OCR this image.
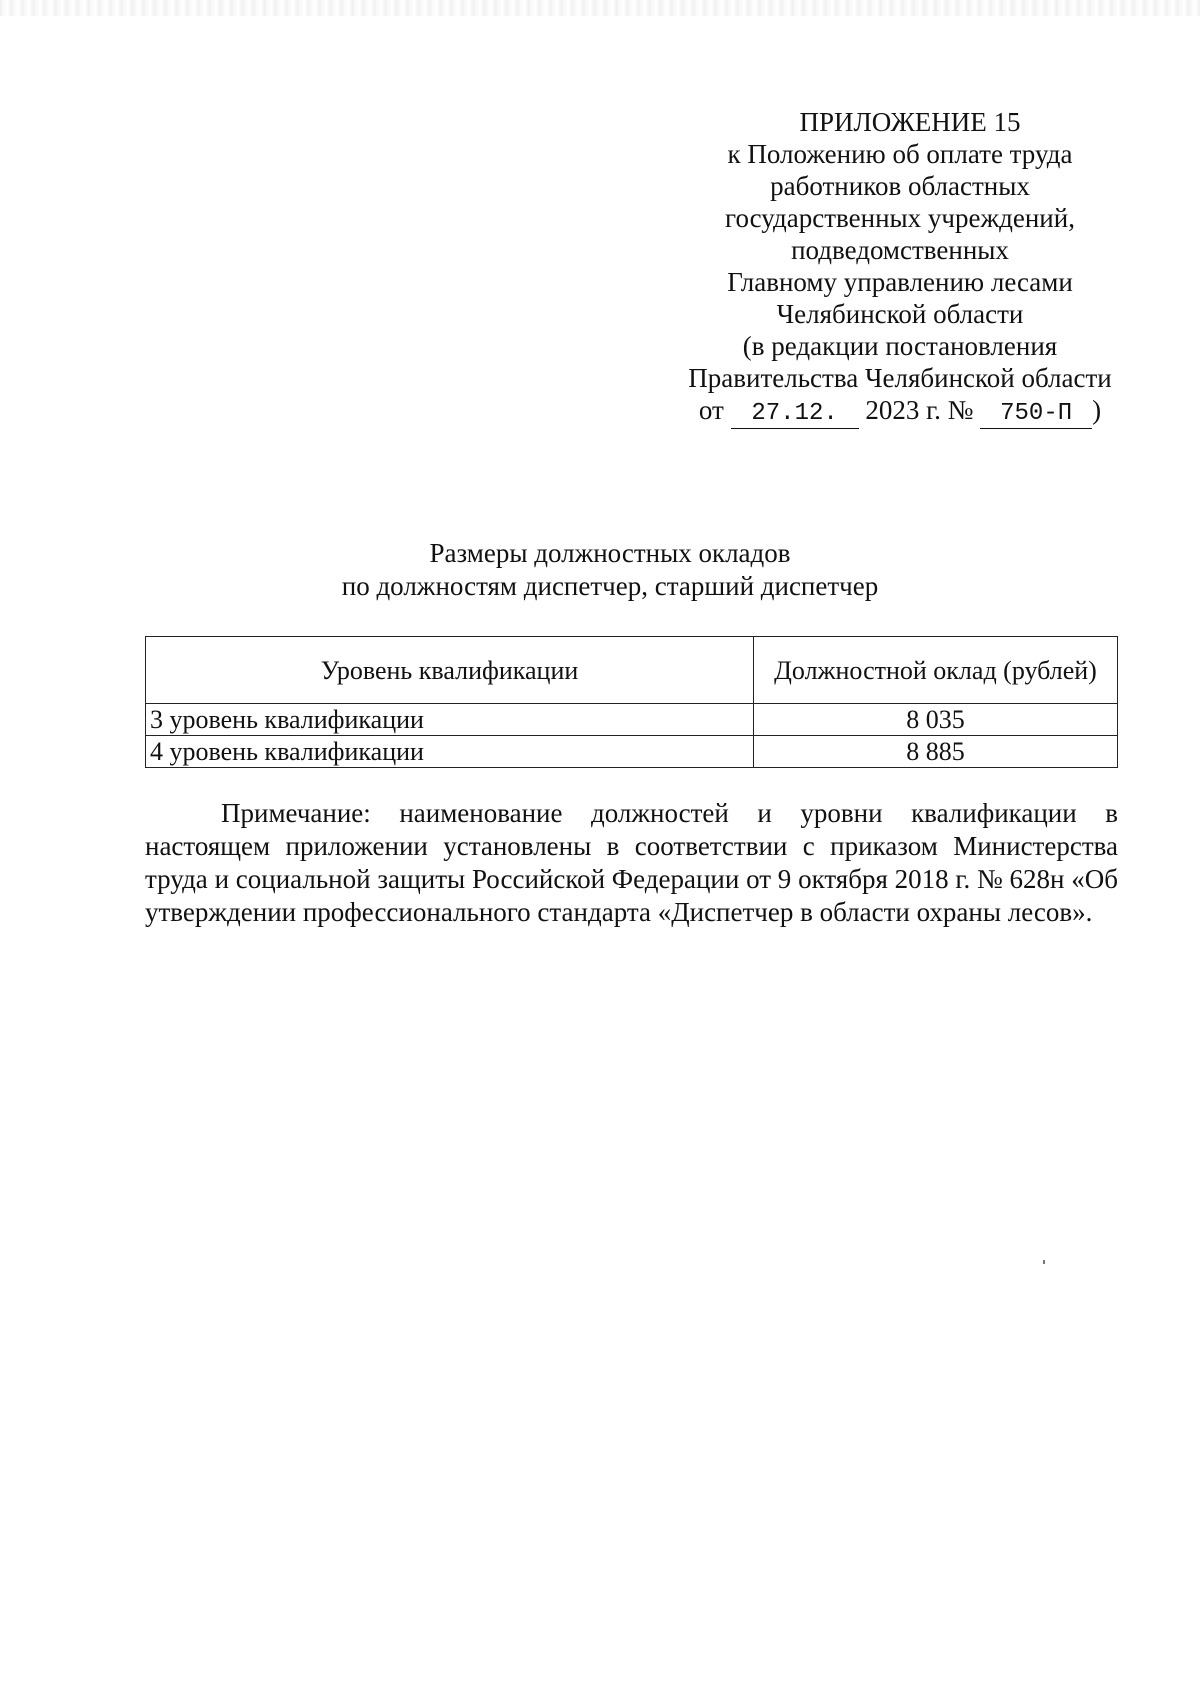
ПРИЛОЖЕНИЕ 15
к Положению об оплате труда
работников областных
государственных учреждений,
подведомственных
Главному управлению лесами
Челябинской области
(в редакции постановления
Правительства Челябинской области
от 27.12. 2023 г. № 750-П )
Размеры должностных окладов
по должностям диспетчер, старший диспетчер
Уровень квалификации	Должностной оклад (рублей)
3 уровень квалификации	8 035
4 уровень квалификации	8 885
Примечание: наименование должностей и уровни квалификации в настоящем приложении установлены в соответствии с приказом Министерства труда и социальной защиты Российской Федерации от 9 октября 2018 г. № 628н «Об утверждении профессионального стандарта «Диспетчер в области охраны лесов».
